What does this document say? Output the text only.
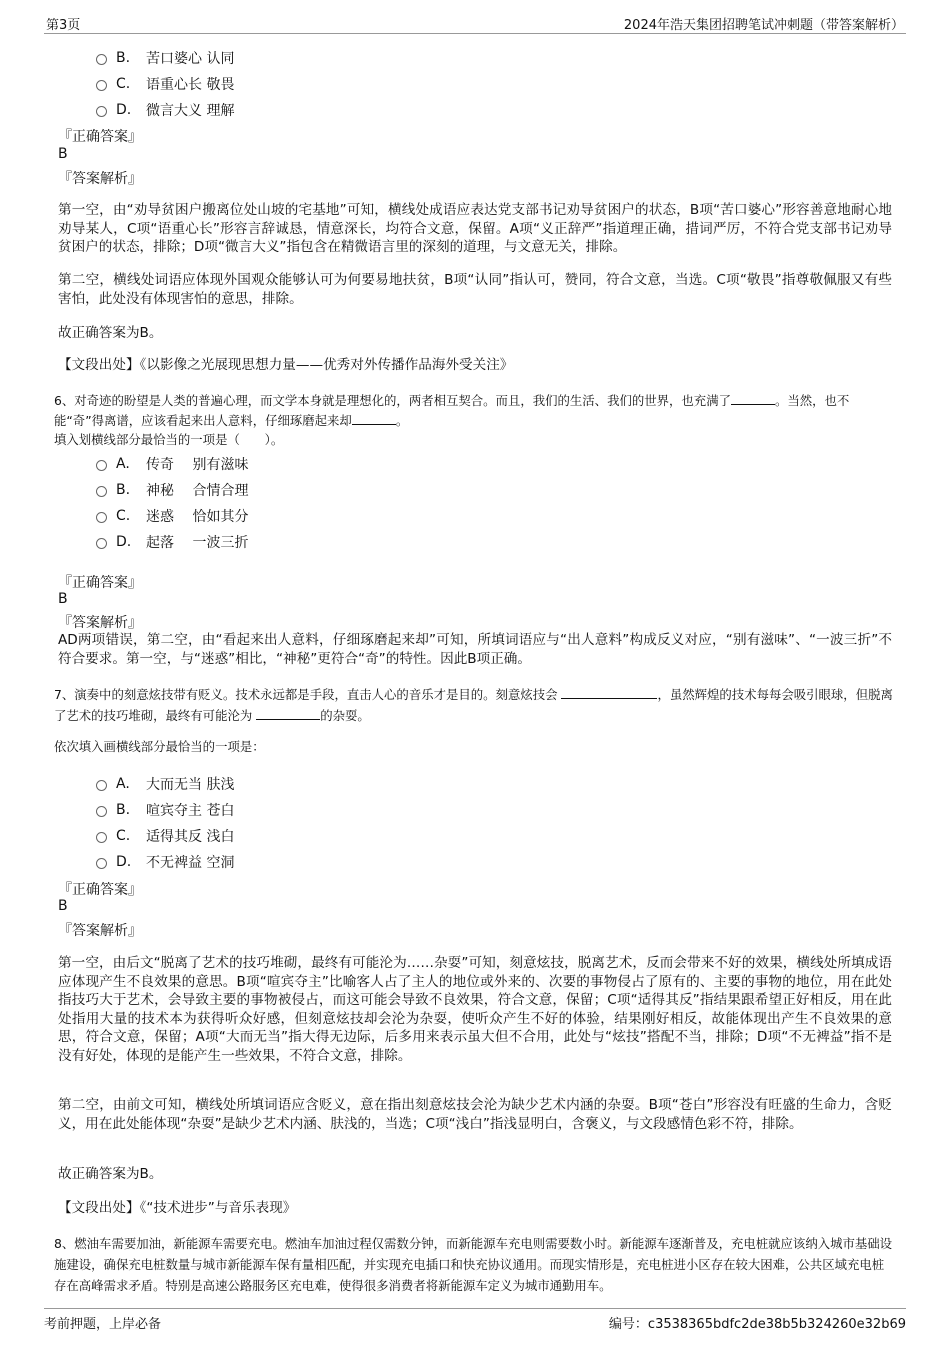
第3页	2024年浩天集团招聘笔试冲刺题（带答案解析）
B.	苦口婆心 认同
C.	语重心长 敬畏
D.	微言大义 理解
『正确答案』
B
『答案解析』
第一空，由“劝导贫困户搬离位处山坡的宅基地”可知，横线处成语应表达党支部书记劝导贫困户的状态，B项“苦口婆心”形容善意地耐心地劝导某人，C项“语重心长”形容言辞诚恳，情意深长，均符合文意，保留。A项“义正辞严”指道理正确，措词严厉，不符合党支部书记劝导贫困户的状态，排除；D项“微言大义”指包含在精微语言里的深刻的道理，与文意无关，排除。
第二空，横线处词语应体现外国观众能够认可为何要易地扶贫，B项“认同”指认可，赞同，符合文意，当选。C项“敬畏”指尊敬佩服又有些害怕，此处没有体现害怕的意思，排除。
故正确答案为B。
【文段出处】《以影像之光展现思想力量——优秀对外传播作品海外受关注》
6、对奇迹的盼望是人类的普遍心理，而文学本身就是理想化的，两者相互契合。而且，我们的生活、我们的世界，也充满了	。当然，也不能“奇”得离谱，应该看起来出人意料，仔细琢磨起来却	。
填入划横线部分最恰当的一项是（　　）。
A.	传奇　 别有滋味
B.	神秘　 合情合理
C.	迷惑　 恰如其分
D.	起落　 一波三折
『正确答案』
B
『答案解析』
AD两项错误，第二空，由“看起来出人意料，仔细琢磨起来却”可知，所填词语应与“出人意料”构成反义对应，“别有滋味”、“一波三折”不符合要求。第一空，与“迷惑”相比，“神秘”更符合“奇”的特性。因此B项正确。
7、演奏中的刻意炫技带有贬义。技术永远都是手段，直击人心的音乐才是目的。刻意炫技会	，虽然辉煌的技术每每会吸引眼球，但脱离了艺术的技巧堆砌，最终有可能沦为	的杂耍。
依次填入画横线部分最恰当的一项是：
A.	大而无当 肤浅
B.	喧宾夺主 苍白
C.	适得其反 浅白
D.	不无裨益 空洞
『正确答案』
B
『答案解析』
第一空，由后文“脱离了艺术的技巧堆砌，最终有可能沦为……杂耍”可知，刻意炫技，脱离艺术，反而会带来不好的效果，横线处所填成语应体现产生不良效果的意思。B项“喧宾夺主”比喻客人占了主人的地位或外来的、次要的事物侵占了原有的、主要的事物的地位，用在此处指技巧大于艺术，会导致主要的事物被侵占，而这可能会导致不良效果，符合文意，保留；C项“适得其反”指结果跟希望正好相反，用在此处指用大量的技术本为获得听众好感，但刻意炫技却会沦为杂耍，使听众产生不好的体验，结果刚好相反，故能体现出产生不良效果的意思，符合文意，保留；A项“大而无当”指大得无边际，后多用来表示虽大但不合用，此处与“炫技”搭配不当，排除；D项“不无裨益”指不是没有好处，体现的是能产生一些效果，不符合文意，排除。
第二空，由前文可知，横线处所填词语应含贬义，意在指出刻意炫技会沦为缺少艺术内涵的杂耍。B项“苍白”形容没有旺盛的生命力，含贬义，用在此处能体现“杂耍”是缺少艺术内涵、肤浅的，当选；C项“浅白”指浅显明白，含褒义，与文段感情色彩不符，排除。
故正确答案为B。
【文段出处】《“技术进步”与音乐表现》
8、燃油车需要加油，新能源车需要充电。燃油车加油过程仅需数分钟，而新能源车充电则需要数小时。新能源车逐渐普及，充电桩就应该纳入城市基础设施建设，确保充电桩数量与城市新能源车保有量相匹配，并实现充电插口和快充协议通用。而现实情形是，充电桩进小区存在较大困难，公共区域充电桩存在高峰需求矛盾。特别是高速公路服务区充电难，使得很多消费者将新能源车定义为城市通勤用车。
考前押题，上岸必备	编号：c3538365bdfc2de38b5b324260e32b69
